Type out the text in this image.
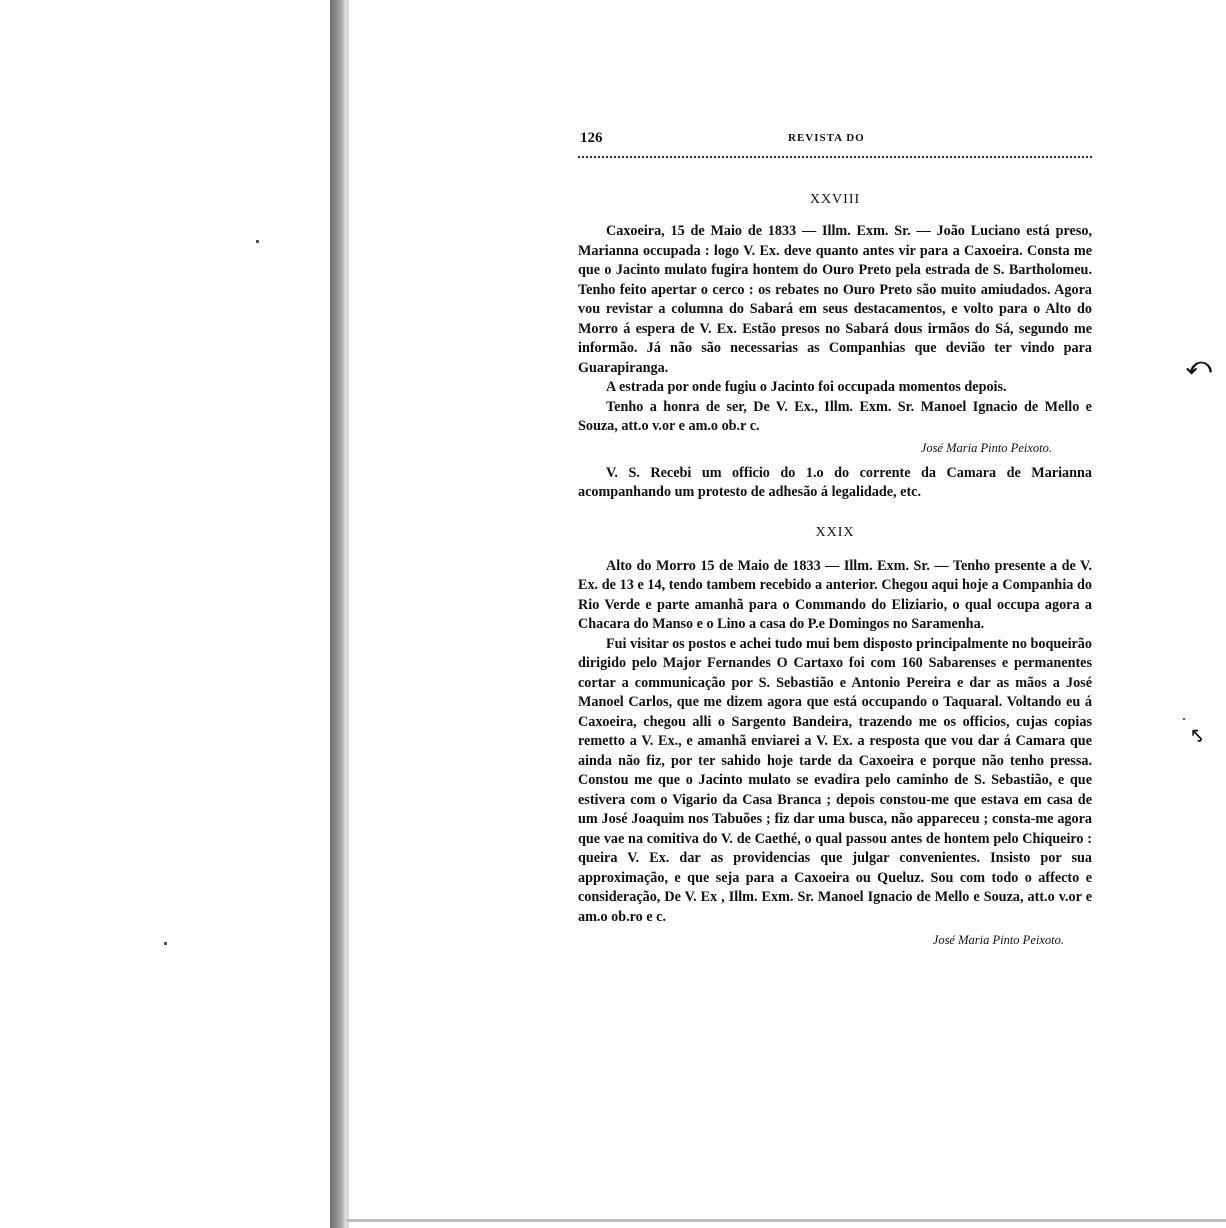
⤺
⤣
126	REVISTA DO
XXVIII

Caxoeira, 15 de Maio de 1833 — Illm. Exm. Sr. — João Luciano está preso, Marianna occupada : logo V. Ex. deve quanto antes vir para a Caxoeira. Consta me que o Jacinto mulato fugira hontem do Ouro Preto pela estrada de S. Bartholomeu. Tenho feito apertar o cerco : os rebates no Ouro Preto são muito amiudados. Agora vou revistar a columna do Sabará em seus destacamentos, e volto para o Alto do Morro á espera de V. Ex. Estão presos no Sabará dous irmãos do Sá, segundo me informão. Já não são necessarias as Companhias que devião ter vindo para Guarapiranga.

A estrada por onde fugiu o Jacinto foi occupada momentos depois.

Tenho a honra de ser, De V. Ex., Illm. Exm. Sr. Manoel Ignacio de Mello e Souza, att.o v.or e am.o ob.r c.

José Maria Pinto Peixoto.

V. S. Recebi um officio do 1.o do corrente da Camara de Marianna acompanhando um protesto de adhesão á legalidade, etc.

XXIX

Alto do Morro 15 de Maio de 1833 — Illm. Exm. Sr. — Tenho presente a de V. Ex. de 13 e 14, tendo tambem recebido a anterior. Chegou aqui hoje a Companhia do Rio Verde e parte amanhã para o Commando do Eliziario, o qual occupa agora a Chacara do Manso e o Lino a casa do P.e Domingos no Saramenha.

Fui visitar os postos e achei tudo mui bem disposto principalmente no boqueirão dirigido pelo Major Fernandes O Cartaxo foi com 160 Sabarenses e permanentes cortar a communicação por S. Sebastião e Antonio Pereira e dar as mãos a José Manoel Carlos, que me dizem agora que está occupando o Taquaral. Voltando eu á Caxoeira, chegou alli o Sargento Bandeira, trazendo me os officios, cujas copias remetto a V. Ex., e amanhã enviarei a V. Ex. a resposta que vou dar á Camara que ainda não fiz, por ter sahido hoje tarde da Caxoeira e porque não tenho pressa. Constou me que o Jacinto mulato se evadira pelo caminho de S. Sebastião, e que estivera com o Vigario da Casa Branca ; depois constou-me que estava em casa de um José Joaquim nos Tabuões ; fiz dar uma busca, não appareceu ; consta-me agora que vae na comitiva do V. de Caethé, o qual passou antes de hontem pelo Chiqueiro : queira V. Ex. dar as providencias que julgar convenientes. Insisto por sua approximação, e que seja para a Caxoeira ou Queluz. Sou com todo o affecto e consideração, De V. Ex , Illm. Exm. Sr. Manoel Ignacio de Mello e Souza, att.o v.or e am.o ob.ro e c.

José Maria Pinto Peixoto.
